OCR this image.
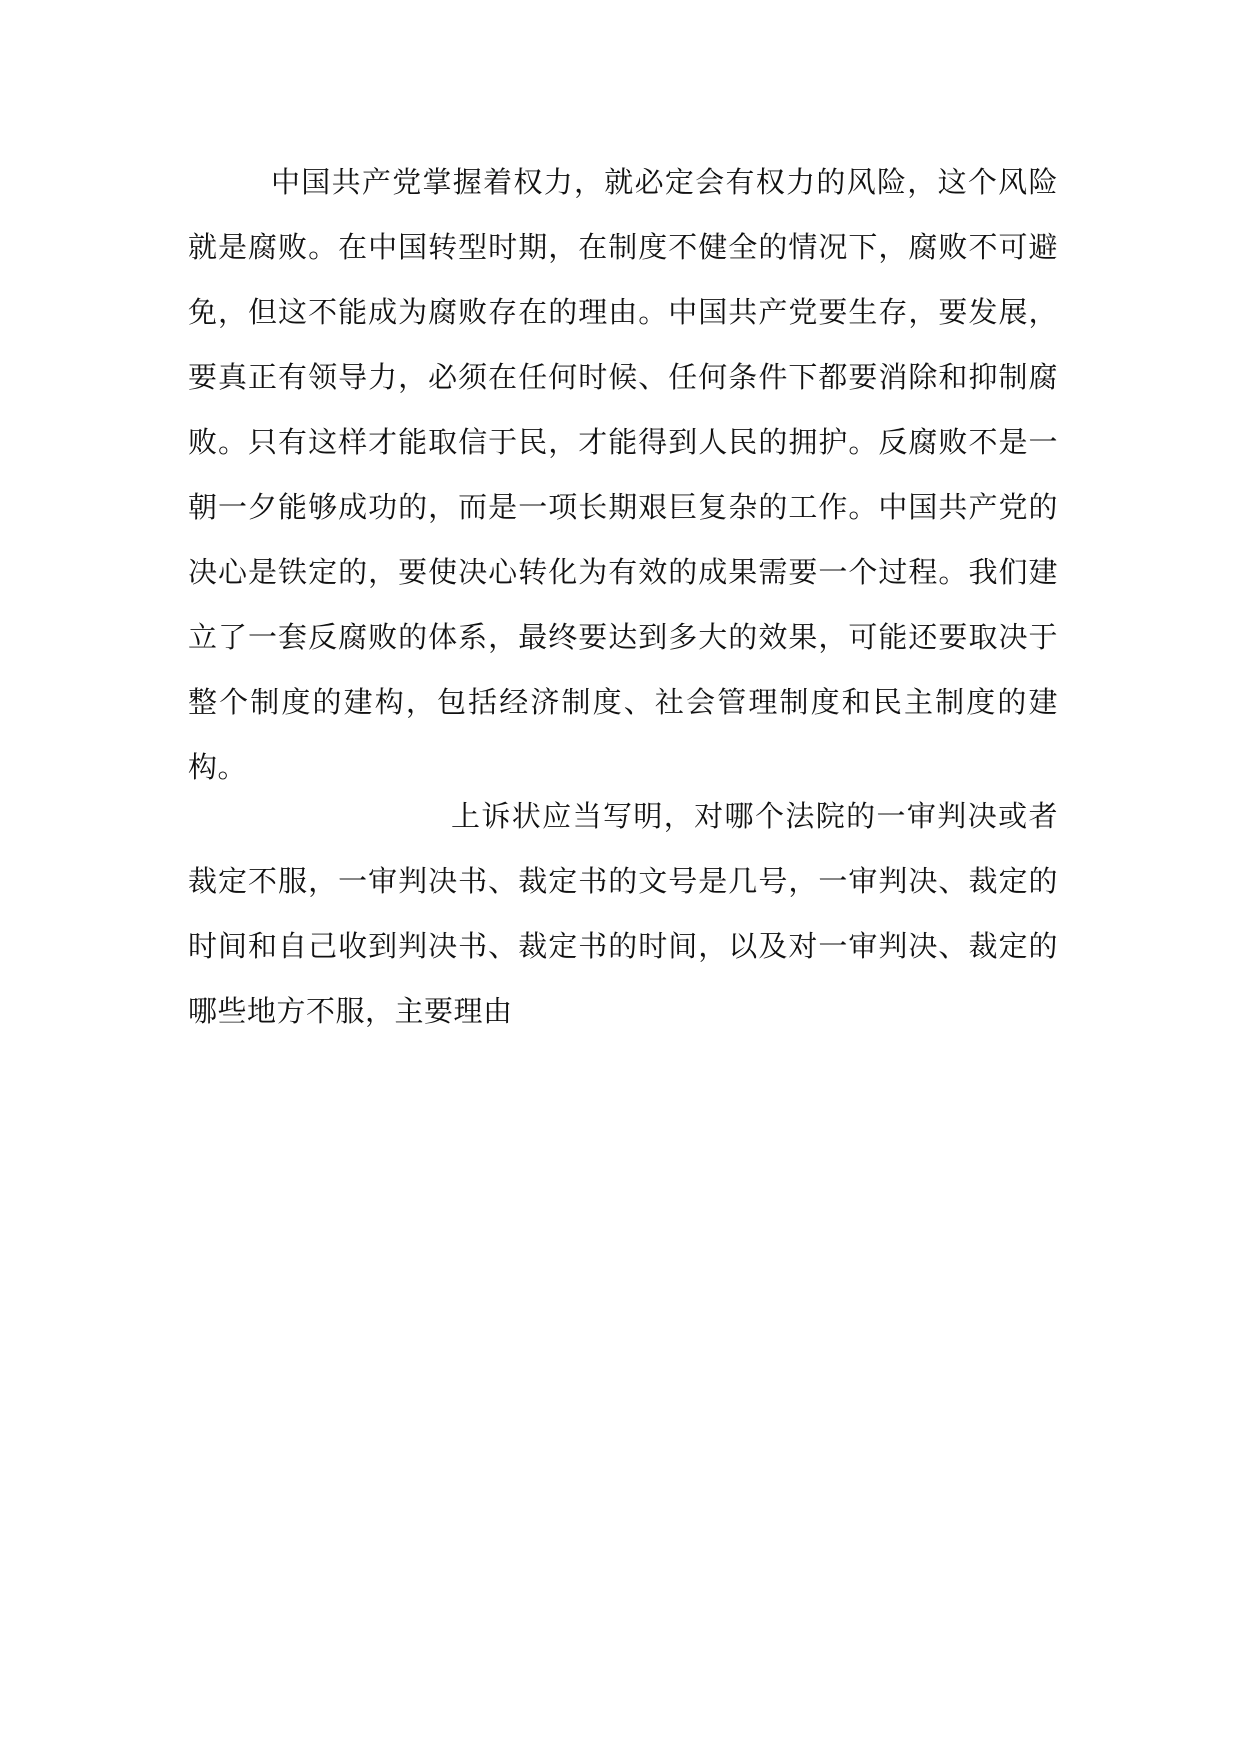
中国共产党掌握着权力，就必定会有权力的风险，这个风险就是腐败。在中国转型时期，在制度不健全的情况下，腐败不可避免，但这不能成为腐败存在的理由。中国共产党要生存，要发展，要真正有领导力，必须在任何时候、任何条件下都要消除和抑制腐败。只有这样才能取信于民，才能得到人民的拥护。反腐败不是一朝一夕能够成功的，而是一项长期艰巨复杂的工作。中国共产党的决心是铁定的，要使决心转化为有效的成果需要一个过程。我们建立了一套反腐败的体系，最终要达到多大的效果，可能还要取决于整个制度的建构，包括经济制度、社会管理制度和民主制度的建构。

上诉状应当写明，对哪个法院的一审判决或者裁定不服，一审判决书、裁定书的文号是几号，一审判决、裁定的时间和自己收到判决书、裁定书的时间，以及对一审判决、裁定的哪些地方不服，主要理由
